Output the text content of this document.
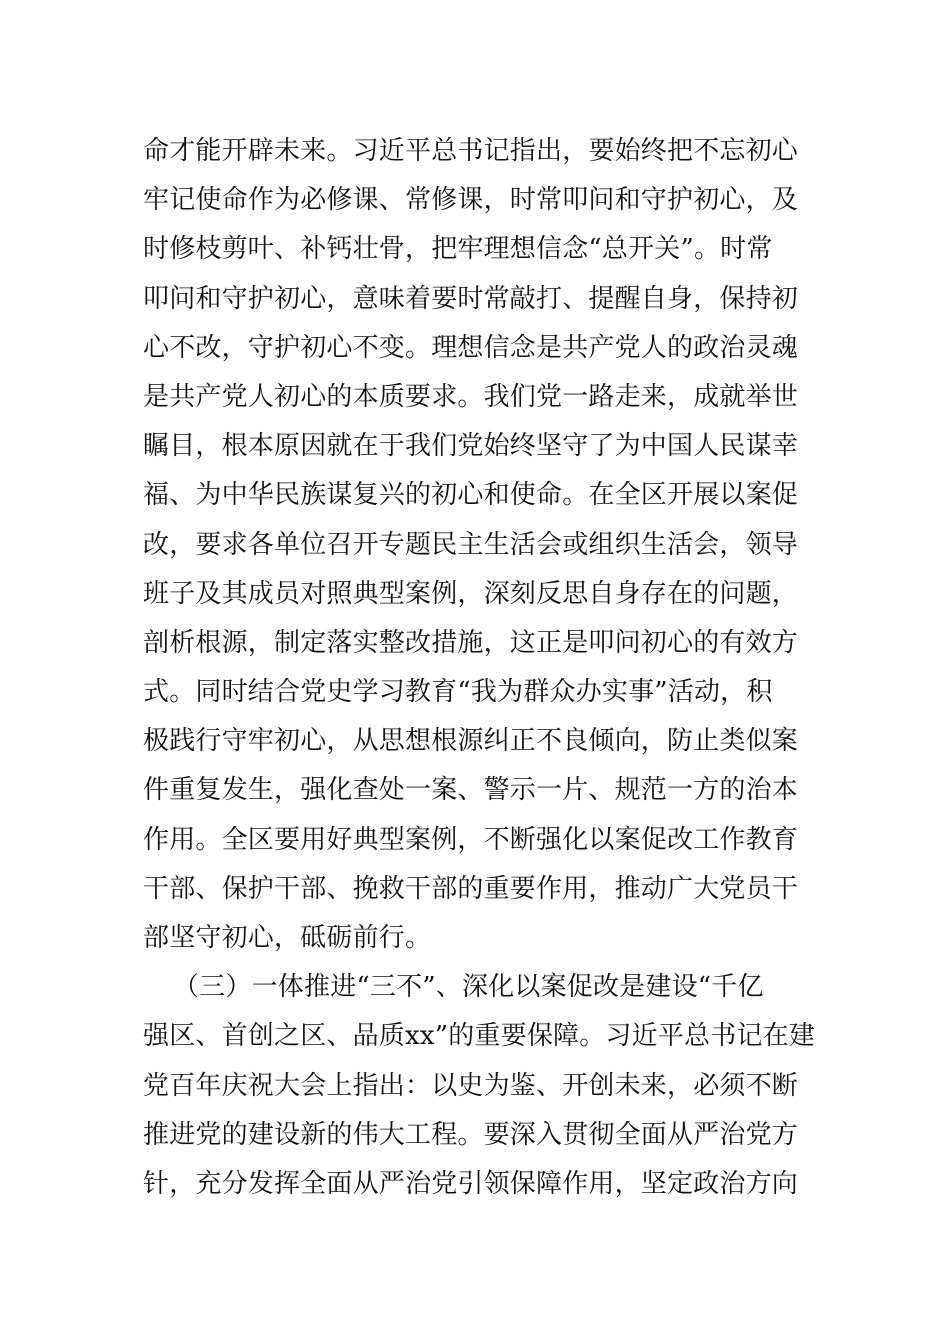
命才能开辟未来。习近平总书记指出，要始终把不忘初心
牢记使命作为必修课、常修课，时常叩问和守护初心，及
时修枝剪叶、补钙壮骨，把牢理想信念“总开关”。时常
叩问和守护初心，意味着要时常敲打、提醒自身，保持初
心不改，守护初心不变。理想信念是共产党人的政治灵魂
是共产党人初心的本质要求。我们党一路走来，成就举世
瞩目，根本原因就在于我们党始终坚守了为中国人民谋幸
福、为中华民族谋复兴的初心和使命。在全区开展以案促
改，要求各单位召开专题民主生活会或组织生活会，领导
班子及其成员对照典型案例，深刻反思自身存在的问题，
剖析根源，制定落实整改措施，这正是叩问初心的有效方
式。同时结合党史学习教育“我为群众办实事”活动，积
极践行守牢初心，从思想根源纠正不良倾向，防止类似案
件重复发生，强化查处一案、警示一片、规范一方的治本
作用。全区要用好典型案例，不断强化以案促改工作教育
干部、保护干部、挽救干部的重要作用，推动广大党员干
部坚守初心，砥砺前行。
（三）一体推进“三不”、深化以案促改是建设“千亿
强区、首创之区、品质xx”的重要保障。习近平总书记在建
党百年庆祝大会上指出：以史为鉴、开创未来，必须不断
推进党的建设新的伟大工程。要深入贯彻全面从严治党方
针，充分发挥全面从严治党引领保障作用，坚定政治方向
